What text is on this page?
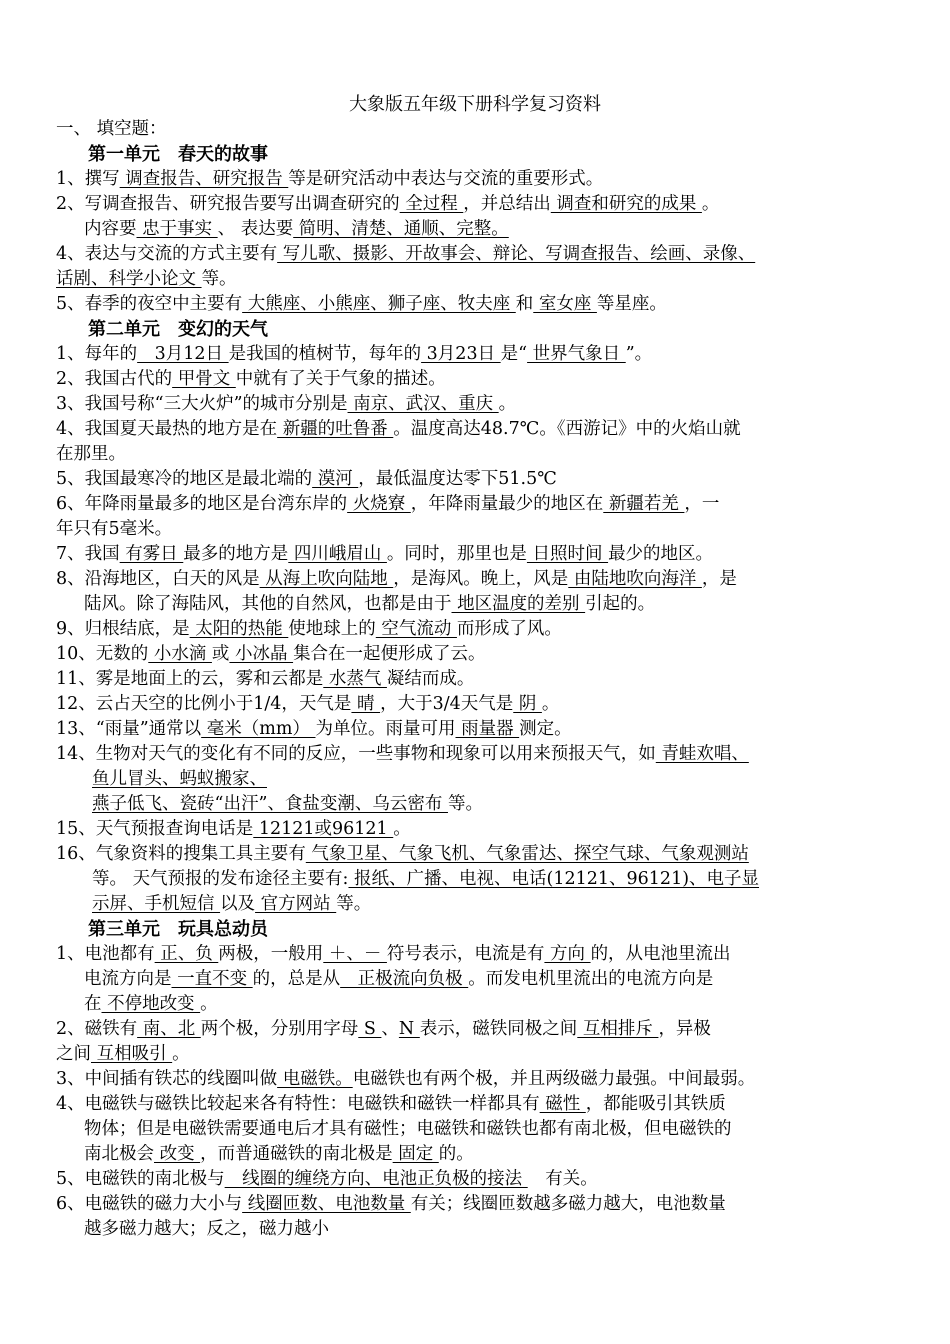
大象版五年级下册科学复习资料
一、 填空题：
第一单元　春天的故事
1、撰写 调查报告、研究报告 等是研究活动中表达与交流的重要形式。
2、写调查报告、研究报告要写出调查研究的 全过程 ，并总结出 调查和研究的成果 。
内容要 忠于事实 、 表达要 简明、清楚、通顺、完整。
4、表达与交流的方式主要有 写儿歌、摄影、开故事会、辩论、写调查报告、绘画、录像、
话剧、科学小论文 等。
5、春季的夜空中主要有 大熊座、小熊座、狮子座、牧夫座 和 室女座 等星座。
第二单元　变幻的天气
1、每年的　3月12日 是我国的植树节，每年的 3月23日 是“ 世界气象日 ”。
2、我国古代的 甲骨文 中就有了关于气象的描述。
3、我国号称“三大火炉”的城市分别是 南京、武汉、重庆 。
4、我国夏天最热的地方是在 新疆的吐鲁番 。温度高达48.7℃。《西游记》中的火焰山就
在那里。
5、我国最寒冷的地区是最北端的 漠河 ，最低温度达零下51.5℃
6、年降雨量最多的地区是台湾东岸的 火烧寮 ，年降雨量最少的地区在 新疆若羌 ，一
年只有5毫米。
7、我国 有雾日 最多的地方是 四川峨眉山 。同时，那里也是 日照时间 最少的地区。
8、沿海地区，白天的风是 从海上吹向陆地 ，是海风。晚上，风是 由陆地吹向海洋 ，是
陆风。除了海陆风，其他的自然风，也都是由于 地区温度的差别 引起的。
9、归根结底，是 太阳的热能 使地球上的 空气流动 而形成了风。
10、无数的 小水滴 或 小冰晶 集合在一起便形成了云。
11、雾是地面上的云，雾和云都是 水蒸气 凝结而成。
12、云占天空的比例小于1/4，天气是 晴 ，大于3/4天气是 阴 。
13、“雨量”通常以 毫米（mm） 为单位。雨量可用 雨量器 测定。
14、生物对天气的变化有不同的反应，一些事物和现象可以用来预报天气，如 青蛙欢唱、
鱼儿冒头、蚂蚁搬家、
燕子低飞、瓷砖“出汗”、食盐变潮、乌云密布 等。
15、天气预报查询电话是 12121或96121 。
16、气象资料的搜集工具主要有 气象卫星、气象飞机、气象雷达、探空气球、气象观测站
等。 天气预报的发布途径主要有: 报纸、广播、电视、电话(12121、96121)、电子显
示屏、手机短信 以及 官方网站 等。
第三单元　玩具总动员
1、电池都有 正、负 两极，一般用 ＋、－ 符号表示，电流是有 方向 的，从电池里流出
电流方向是 一直不变 的，总是从　正极流向负极 。而发电机里流出的电流方向是
在 不停地改变 。
2、磁铁有 南、北 两个极，分别用字母 S 、N 表示，磁铁同极之间 互相排斥 ，异极
之间 互相吸引 。
3、中间插有铁芯的线圈叫做 电磁铁。电磁铁也有两个极，并且两级磁力最强。中间最弱。
4、电磁铁与磁铁比较起来各有特性：电磁铁和磁铁一样都具有 磁性 ，都能吸引其铁质
物体；但是电磁铁需要通电后才具有磁性；电磁铁和磁铁也都有南北极，但电磁铁的
南北极会 改变 ，而普通磁铁的南北极是 固定 的。
5、电磁铁的南北极与　线圈的缠绕方向、电池正负极的接法 　有关。
6、电磁铁的磁力大小与 线圈匝数、电池数量 有关；线圈匝数越多磁力越大，电池数量
越多磁力越大；反之，磁力越小
